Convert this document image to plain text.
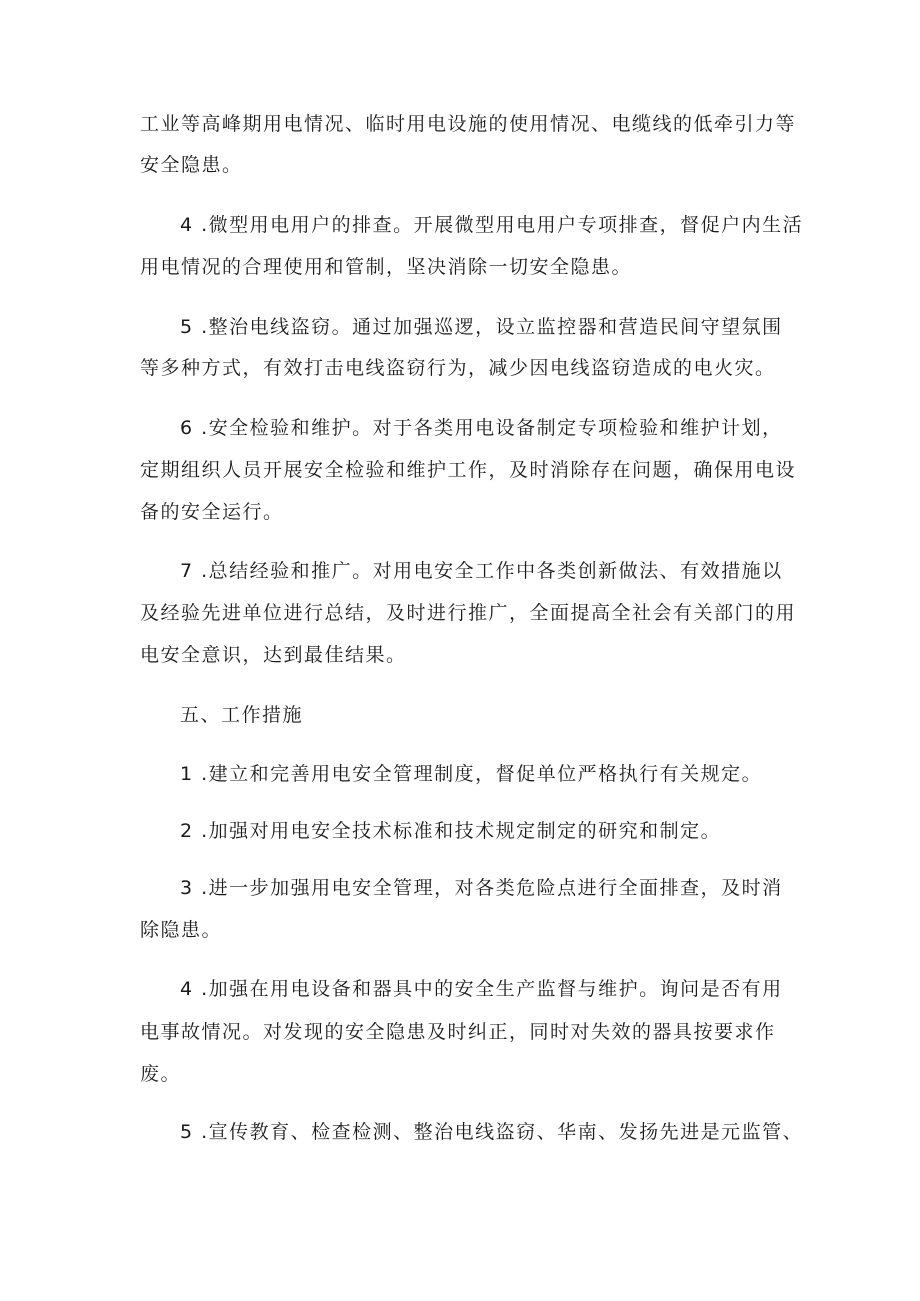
工业等高峰期用电情况、临时用电设施的使用情况、电缆线的低牵引力等
安全隐患。
4 .微型用电用户的排查。开展微型用电用户专项排查，督促户内生活
用电情况的合理使用和管制，坚决消除一切安全隐患。
5 .整治电线盗窃。通过加强巡逻，设立监控器和营造民间守望氛围
等多种方式，有效打击电线盗窃行为，减少因电线盗窃造成的电火灾。
6 .安全检验和维护。对于各类用电设备制定专项检验和维护计划，
定期组织人员开展安全检验和维护工作，及时消除存在问题，确保用电设
备的安全运行。
7 .总结经验和推广。对用电安全工作中各类创新做法、有效措施以
及经验先进单位进行总结，及时进行推广，全面提高全社会有关部门的用
电安全意识，达到最佳结果。
五、工作措施
1 .建立和完善用电安全管理制度，督促单位严格执行有关规定。
2 .加强对用电安全技术标准和技术规定制定的研究和制定。
3 .进一步加强用电安全管理，对各类危险点进行全面排查，及时消
除隐患。
4 .加强在用电设备和器具中的安全生产监督与维护。询问是否有用
电事故情况。对发现的安全隐患及时纠正，同时对失效的器具按要求作
废。
5 .宣传教育、检查检测、整治电线盗窃、华南、发扬先进是元监管、
